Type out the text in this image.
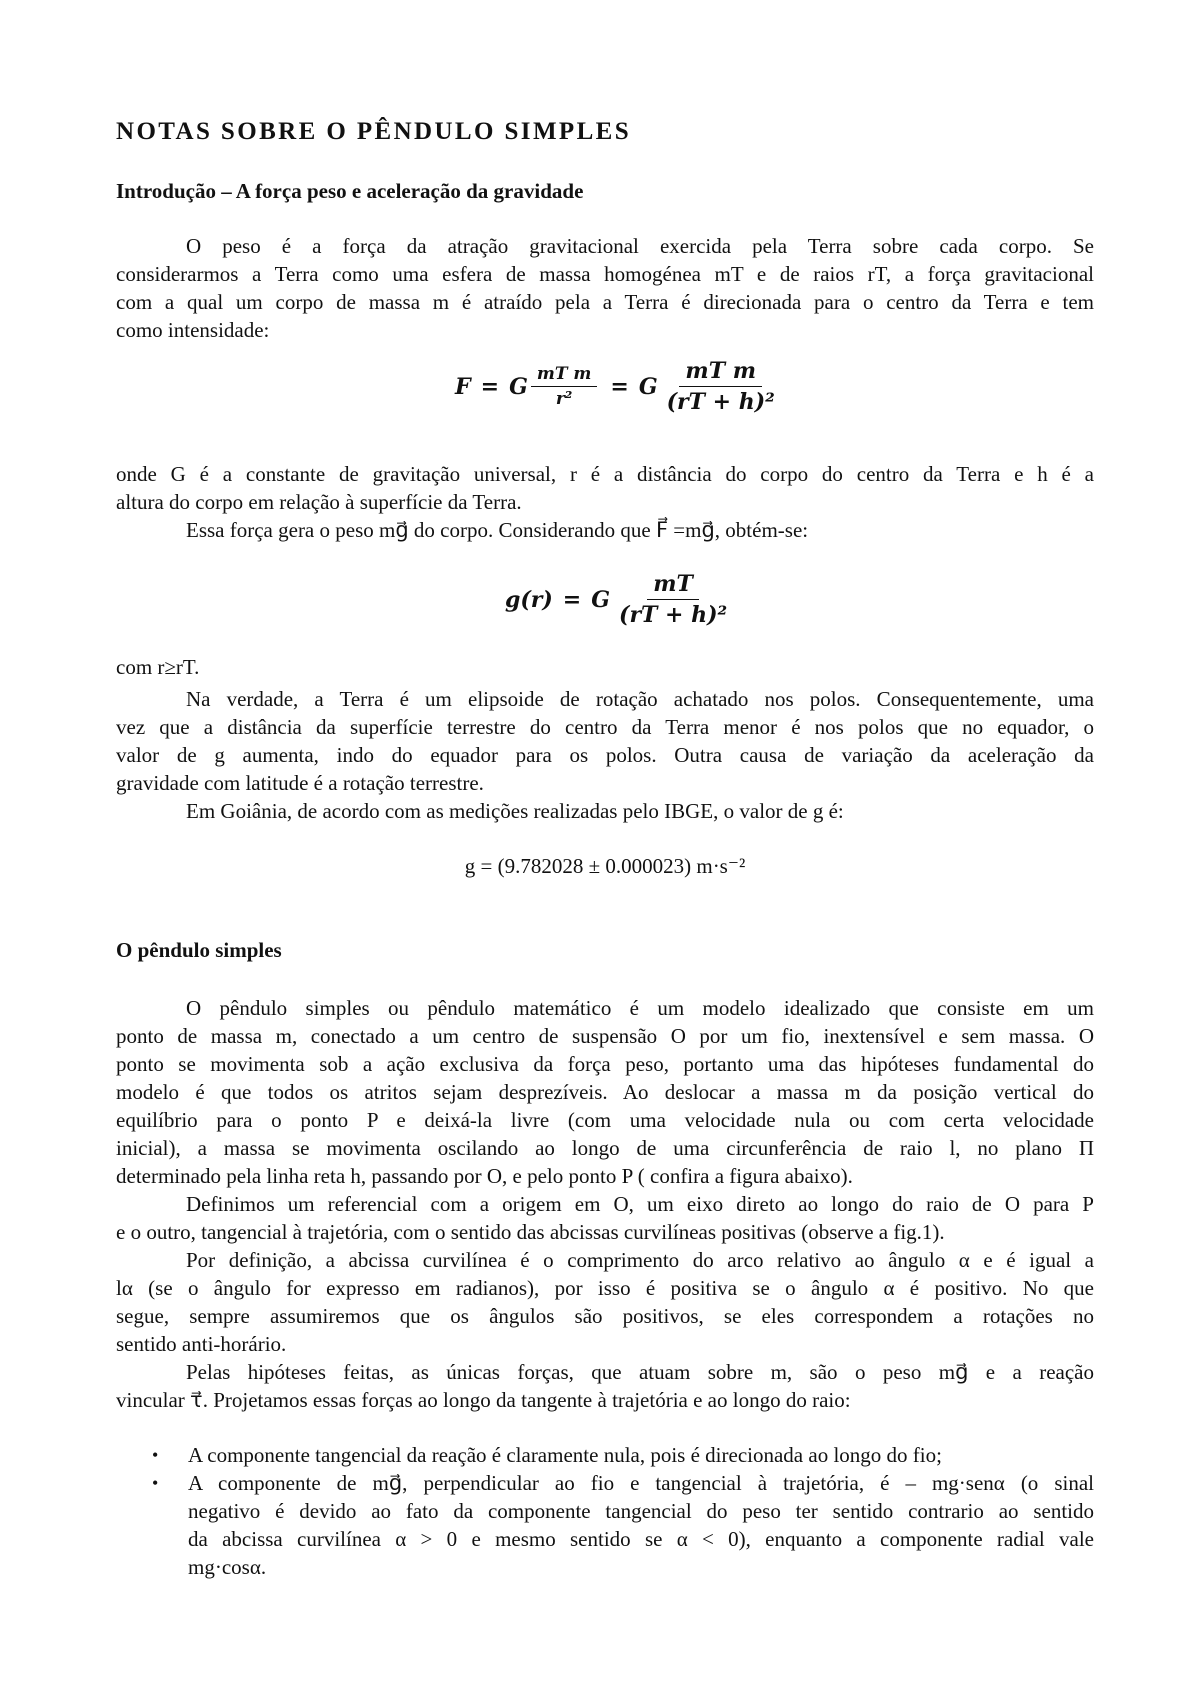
NOTAS SOBRE O PÊNDULO SIMPLES
Introdução – A força peso e aceleração da gravidade
O peso é a força da atração gravitacional exercida pela Terra sobre cada corpo. Se
considerarmos a Terra como uma esfera de massa homogénea mT e de raios rT, a força gravitacional
com a qual um corpo de massa m é atraído pela a Terra é direcionada para o centro da Terra e tem
como intensidade:
F = G $\frac{\text{mT m}}{\text{r²}} = G \frac{\text{mT m}}{\text{(rT + h)²}}$
onde G é a constante de gravitação universal, r é a distância do corpo do centro da Terra e h é a
altura do corpo em relação à superfície da Terra.
Essa força gera o peso mg⃗ do corpo. Considerando que F⃗ =mg⃗, obtém-se:
g(r) = G $\frac{mT}{\text{(rT + h)²}}$
com r≥rT.
Na verdade, a Terra é um elipsoide de rotação achatado nos polos. Consequentemente, uma
vez que a distância da superfície terrestre do centro da Terra menor é nos polos que no equador, o
valor de g aumenta, indo do equador para os polos. Outra causa de variação da aceleração da
gravidade com latitude é a rotação terrestre.
Em Goiânia, de acordo com as medições realizadas pelo IBGE, o valor de g é:
g = (9.782028 ± 0.000023) m·s⁻²
O pêndulo simples
O pêndulo simples ou pêndulo matemático é um modelo idealizado que consiste em um
ponto de massa m, conectado a um centro de suspensão O por um fio, inextensível e sem massa. O
ponto se movimenta sob a ação exclusiva da força peso, portanto uma das hipóteses fundamental do
modelo é que todos os atritos sejam desprezíveis. Ao deslocar a massa m da posição vertical do
equilíbrio para o ponto P e deixá-la livre (com uma velocidade nula ou com certa velocidade
inicial), a massa se movimenta oscilando ao longo de uma circunferência de raio l, no plano Π
determinado pela linha reta h, passando por O, e pelo ponto P ( confira a figura abaixo).
Definimos um referencial com a origem em O, um eixo direto ao longo do raio de O para P
e o outro, tangencial à trajetória, com o sentido das abcissas curvilíneas positivas (observe a fig.1).
Por definição, a abcissa curvilínea é o comprimento do arco relativo ao ângulo α e é igual a
lα (se o ângulo for expresso em radianos), por isso é positiva se o ângulo α é positivo. No que
segue, sempre assumiremos que os ângulos são positivos, se eles correspondem a rotações no
sentido anti-horário.
Pelas hipóteses feitas, as únicas forças, que atuam sobre m, são o peso mg⃗ e a reação
vincular τ⃗. Projetamos essas forças ao longo da tangente à trajetória e ao longo do raio:
• A componente tangencial da reação é claramente nula, pois é direcionada ao longo do fio;
• A componente de mg⃗, perpendicular ao fio e tangencial à trajetória, é – mg·senα (o sinal
negativo é devido ao fato da componente tangencial do peso ter sentido contrario ao sentido
da abcissa curvilínea α > 0 e mesmo sentido se α < 0), enquanto a componente radial vale
mg·cosα.
